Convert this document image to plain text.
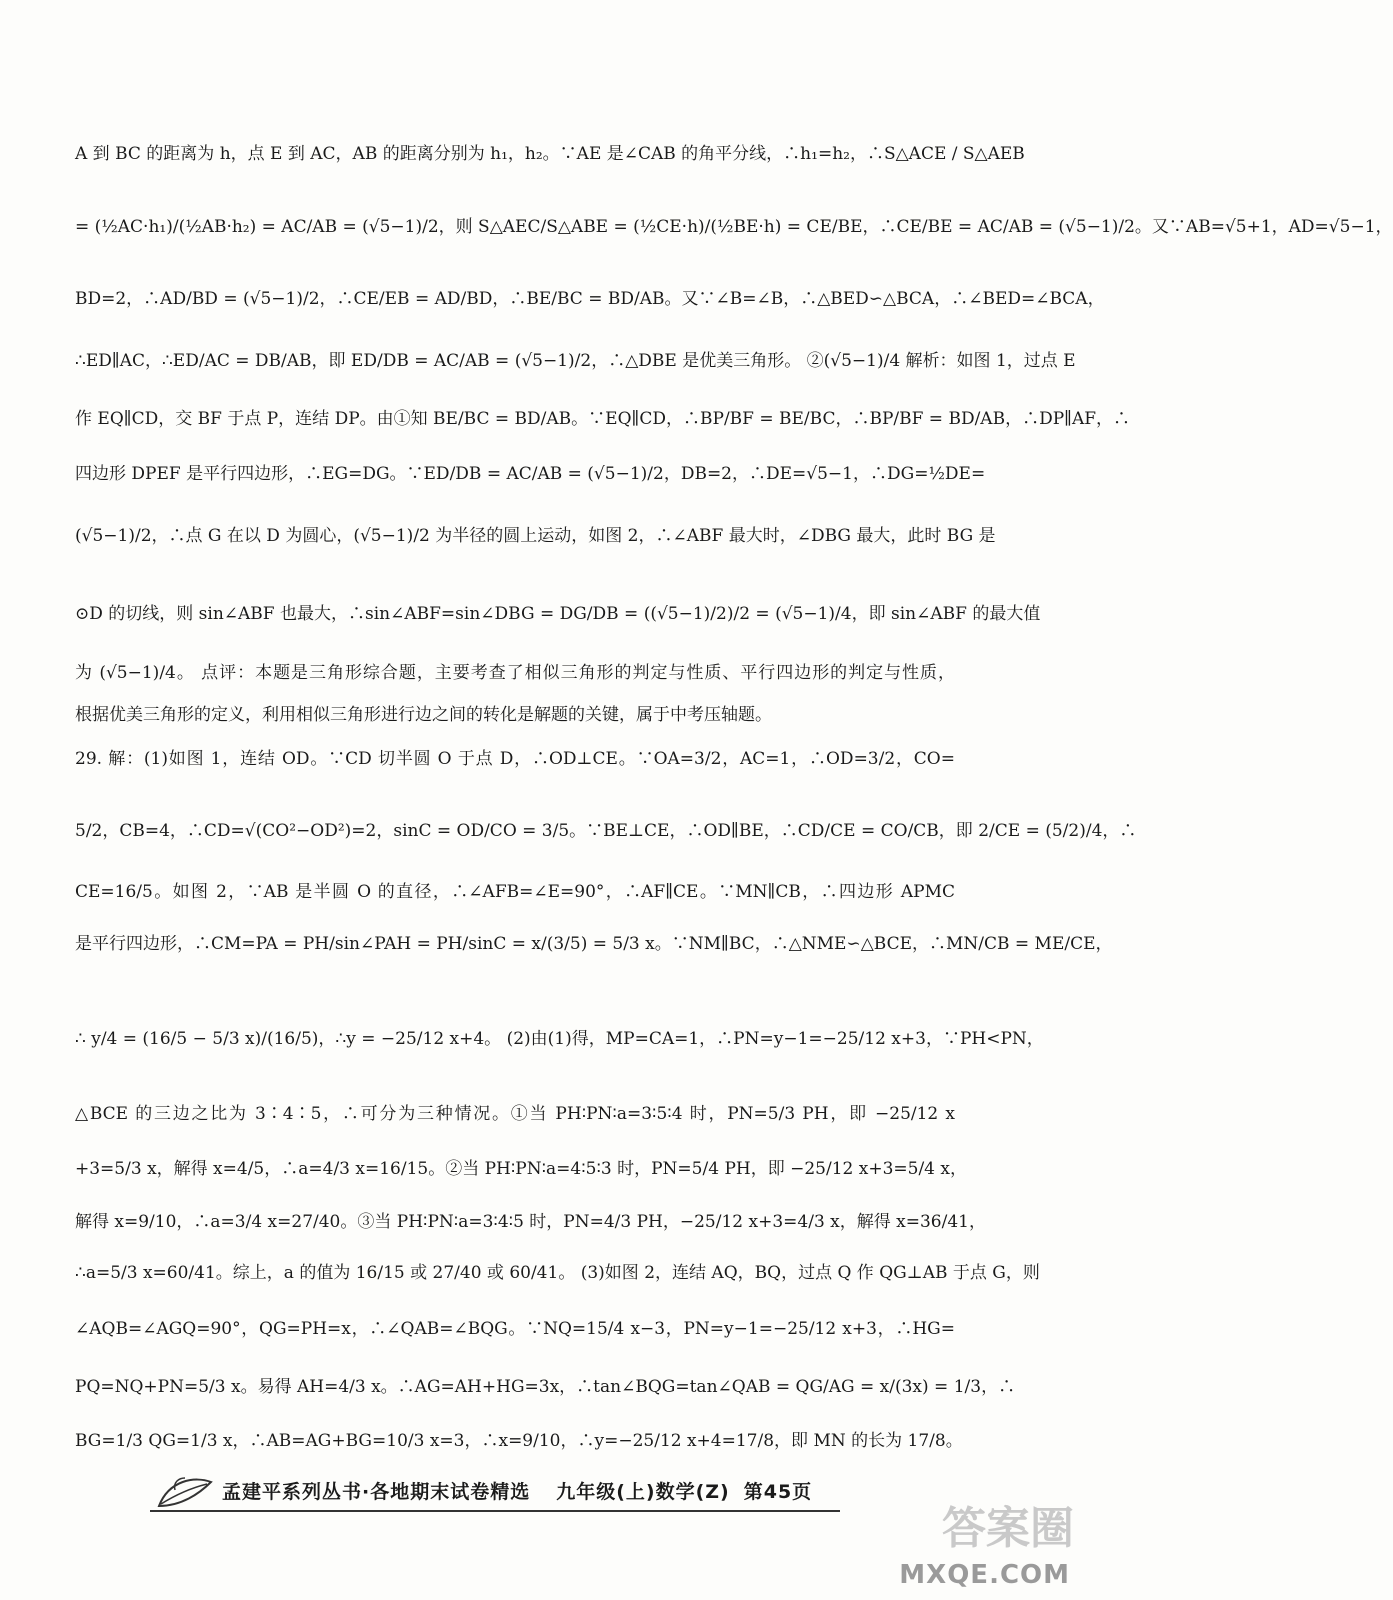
A 到 BC 的距离为 h，点 E 到 AC，AB 的距离分别为 h₁，h₂。∵AE 是∠CAB 的角平分线，∴h₁=h₂，∴S△ACE / S△AEB
= (½AC·h₁)/(½AB·h₂) = AC/AB = (√5−1)/2，则 S△AEC/S△ABE = (½CE·h)/(½BE·h) = CE/BE，∴CE/BE = AC/AB = (√5−1)/2。又∵AB=√5+1，AD=√5−1，
BD=2，∴AD/BD = (√5−1)/2，∴CE/EB = AD/BD，∴BE/BC = BD/AB。又∵∠B=∠B，∴△BED∽△BCA，∴∠BED=∠BCA，
∴ED∥AC，∴ED/AC = DB/AB，即 ED/DB = AC/AB = (√5−1)/2，∴△DBE 是优美三角形。 ②(√5−1)/4 解析：如图 1，过点 E
作 EQ∥CD，交 BF 于点 P，连结 DP。由①知 BE/BC = BD/AB。∵EQ∥CD，∴BP/BF = BE/BC，∴BP/BF = BD/AB，∴DP∥AF，∴
四边形 DPEF 是平行四边形，∴EG=DG。∵ED/DB = AC/AB = (√5−1)/2，DB=2，∴DE=√5−1，∴DG=½DE=
(√5−1)/2，∴点 G 在以 D 为圆心，(√5−1)/2 为半径的圆上运动，如图 2，∴∠ABF 最大时，∠DBG 最大，此时 BG 是
⊙D 的切线，则 sin∠ABF 也最大，∴sin∠ABF=sin∠DBG = DG/DB = ((√5−1)/2)/2 = (√5−1)/4，即 sin∠ABF 的最大值
为 (√5−1)/4。 点评：本题是三角形综合题，主要考查了相似三角形的判定与性质、平行四边形的判定与性质，
根据优美三角形的定义，利用相似三角形进行边之间的转化是解题的关键，属于中考压轴题。
29. 解：(1)如图 1，连结 OD。∵CD 切半圆 O 于点 D，∴OD⊥CE。∵OA=3/2，AC=1，∴OD=3/2，CO=
5/2，CB=4，∴CD=√(CO²−OD²)=2，sinC = OD/CO = 3/5。∵BE⊥CE，∴OD∥BE，∴CD/CE = CO/CB，即 2/CE = (5/2)/4，∴
CE=16/5。如图 2，∵AB 是半圆 O 的直径，∴∠AFB=∠E=90°，∴AF∥CE。∵MN∥CB，∴四边形 APMC
是平行四边形，∴CM=PA = PH/sin∠PAH = PH/sinC = x/(3/5) = 5/3 x。∵NM∥BC，∴△NME∽△BCE，∴MN/CB = ME/CE，
∴ y/4 = (16/5 − 5/3 x)/(16/5)，∴y = −25/12 x+4。 (2)由(1)得，MP=CA=1，∴PN=y−1=−25/12 x+3，∵PH<PN，
△BCE 的三边之比为 3∶4∶5，∴可分为三种情况。①当 PH∶PN∶a=3∶5∶4 时，PN=5/3 PH，即 −25/12 x
+3=5/3 x，解得 x=4/5，∴a=4/3 x=16/15。②当 PH∶PN∶a=4∶5∶3 时，PN=5/4 PH，即 −25/12 x+3=5/4 x，
解得 x=9/10，∴a=3/4 x=27/40。③当 PH∶PN∶a=3∶4∶5 时，PN=4/3 PH，−25/12 x+3=4/3 x，解得 x=36/41，
∴a=5/3 x=60/41。综上，a 的值为 16/15 或 27/40 或 60/41。 (3)如图 2，连结 AQ，BQ，过点 Q 作 QG⊥AB 于点 G，则
∠AQB=∠AGQ=90°，QG=PH=x，∴∠QAB=∠BQG。∵NQ=15/4 x−3，PN=y−1=−25/12 x+3，∴HG=
PQ=NQ+PN=5/3 x。易得 AH=4/3 x。∴AG=AH+HG=3x，∴tan∠BQG=tan∠QAB = QG/AG = x/(3x) = 1/3，∴
BG=1/3 QG=1/3 x，∴AB=AG+BG=10/3 x=3，∴x=9/10，∴y=−25/12 x+4=17/8，即 MN 的长为 17/8。
孟建平系列丛书·各地期末试卷精选 九年级(上)数学(Z) 第45页
答案圈
MXQE.COM
